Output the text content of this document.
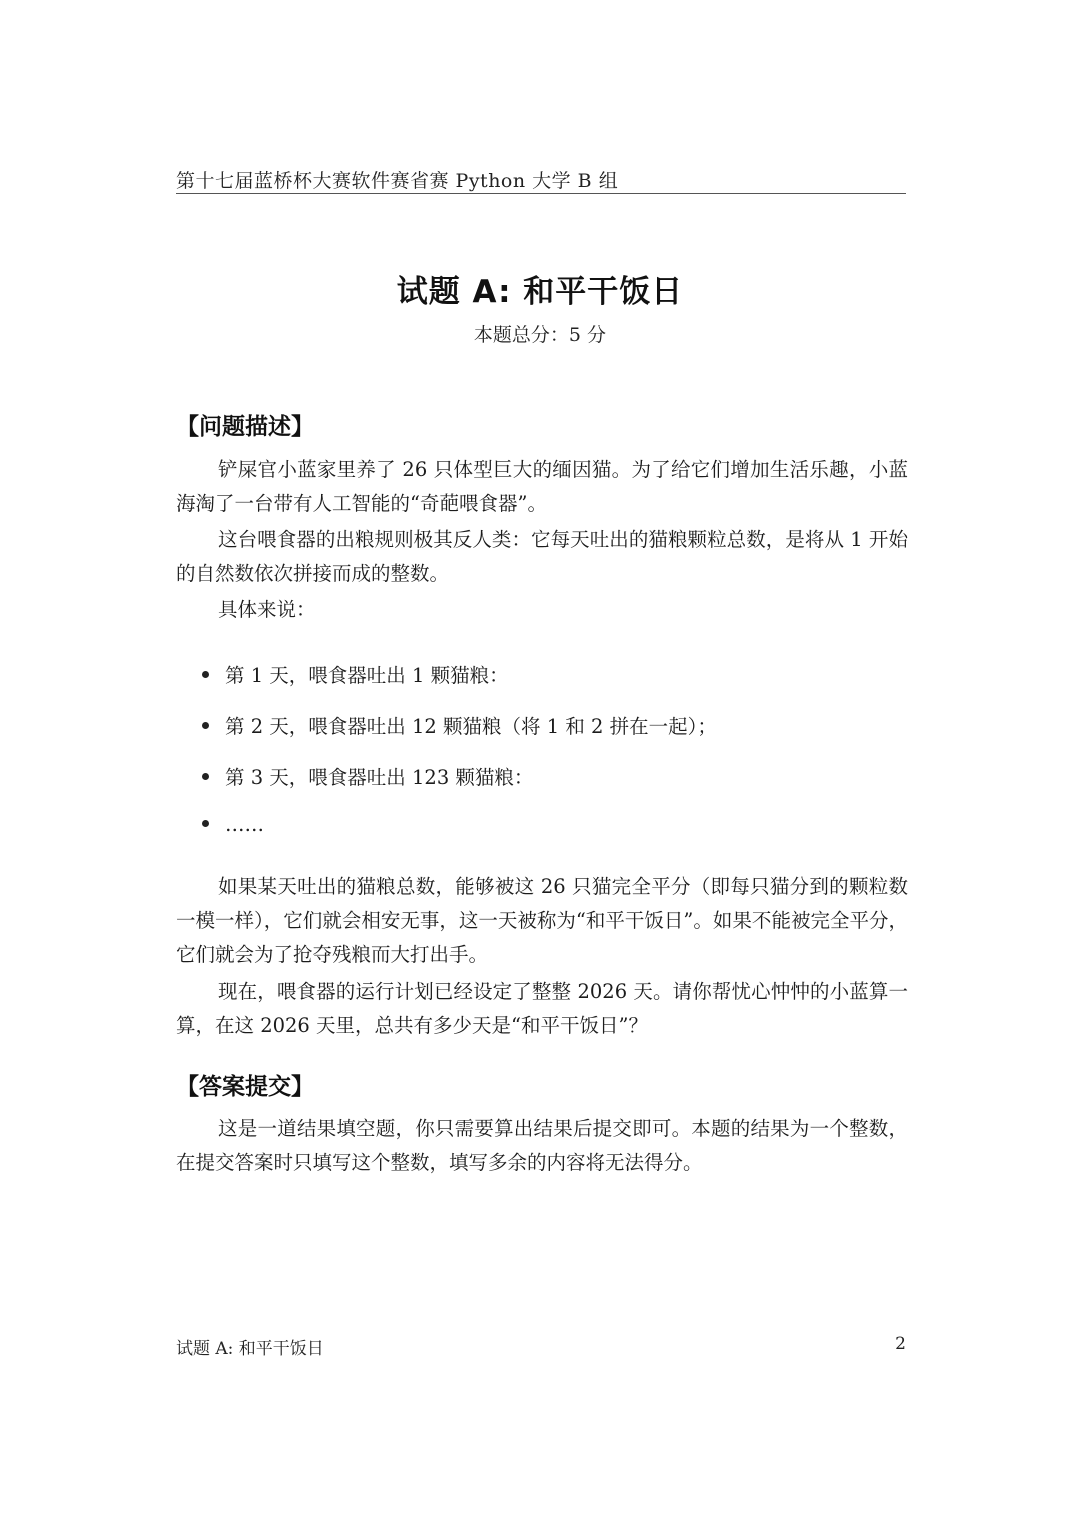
第十七届蓝桥杯大赛软件赛省赛 Python 大学 B 组
试题 A: 和平干饭日
本题总分：5 分
【问题描述】
铲屎官小蓝家里养了 26 只体型巨大的缅因猫。为了给它们增加生活乐趣，小蓝海淘了一台带有人工智能的“奇葩喂食器”。
这台喂食器的出粮规则极其反人类：它每天吐出的猫粮颗粒总数，是将从 1 开始的自然数依次拼接而成的整数。
具体来说：
第 1 天，喂食器吐出 1 颗猫粮：
第 2 天，喂食器吐出 12 颗猫粮（将 1 和 2 拼在一起）；
第 3 天，喂食器吐出 123 颗猫粮：
……
如果某天吐出的猫粮总数，能够被这 26 只猫完全平分（即每只猫分到的颗粒数一模一样），它们就会相安无事，这一天被称为“和平干饭日”。如果不能被完全平分，它们就会为了抢夺残粮而大打出手。
现在，喂食器的运行计划已经设定了整整 2026 天。请你帮忧心忡忡的小蓝算一算，在这 2026 天里，总共有多少天是“和平干饭日”？
【答案提交】
这是一道结果填空题，你只需要算出结果后提交即可。本题的结果为一个整数，在提交答案时只填写这个整数，填写多余的内容将无法得分。
试题 A: 和平干饭日	2
